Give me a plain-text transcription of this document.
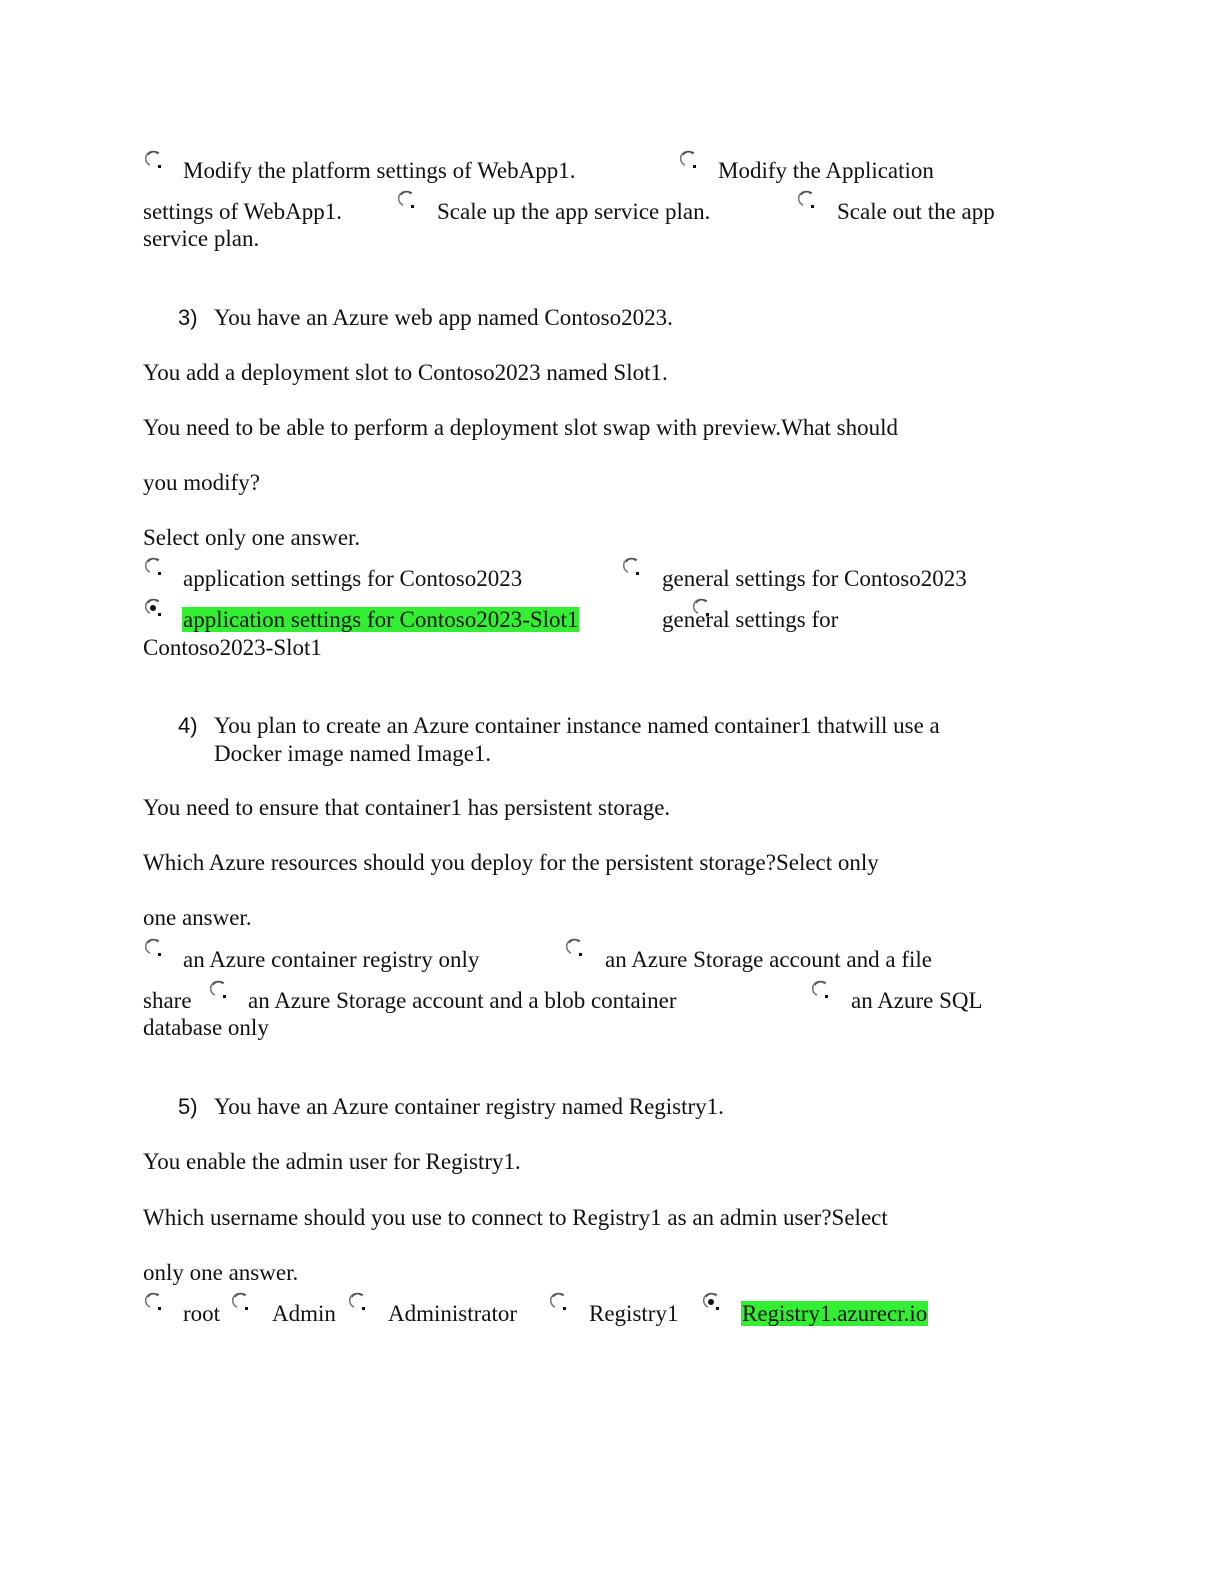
Modify the platform settings of WebApp1.	Modify the Application
settings of WebApp1.	Scale up the app service plan.	Scale out the app
service plan.
3) You have an Azure web app named Contoso2023.
You add a deployment slot to Contoso2023 named Slot1.
You need to be able to perform a deployment slot swap with preview.What should
you modify?
Select only one answer.
application settings for Contoso2023	general settings for Contoso2023
application settings for Contoso2023-Slot1	general settings for
Contoso2023-Slot1
4) You plan to create an Azure container instance named container1 thatwill use a
Docker image named Image1.
You need to ensure that container1 has persistent storage.
Which Azure resources should you deploy for the persistent storage?Select only
one answer.
an Azure container registry only	an Azure Storage account and a file
share an Azure Storage account and a blob container	an Azure SQL
database only
5) You have an Azure container registry named Registry1.
You enable the admin user for Registry1.
Which username should you use to connect to Registry1 as an admin user?Select
only one answer.
root Admin Administrator	Registry1	Registry1.azurecr.io
